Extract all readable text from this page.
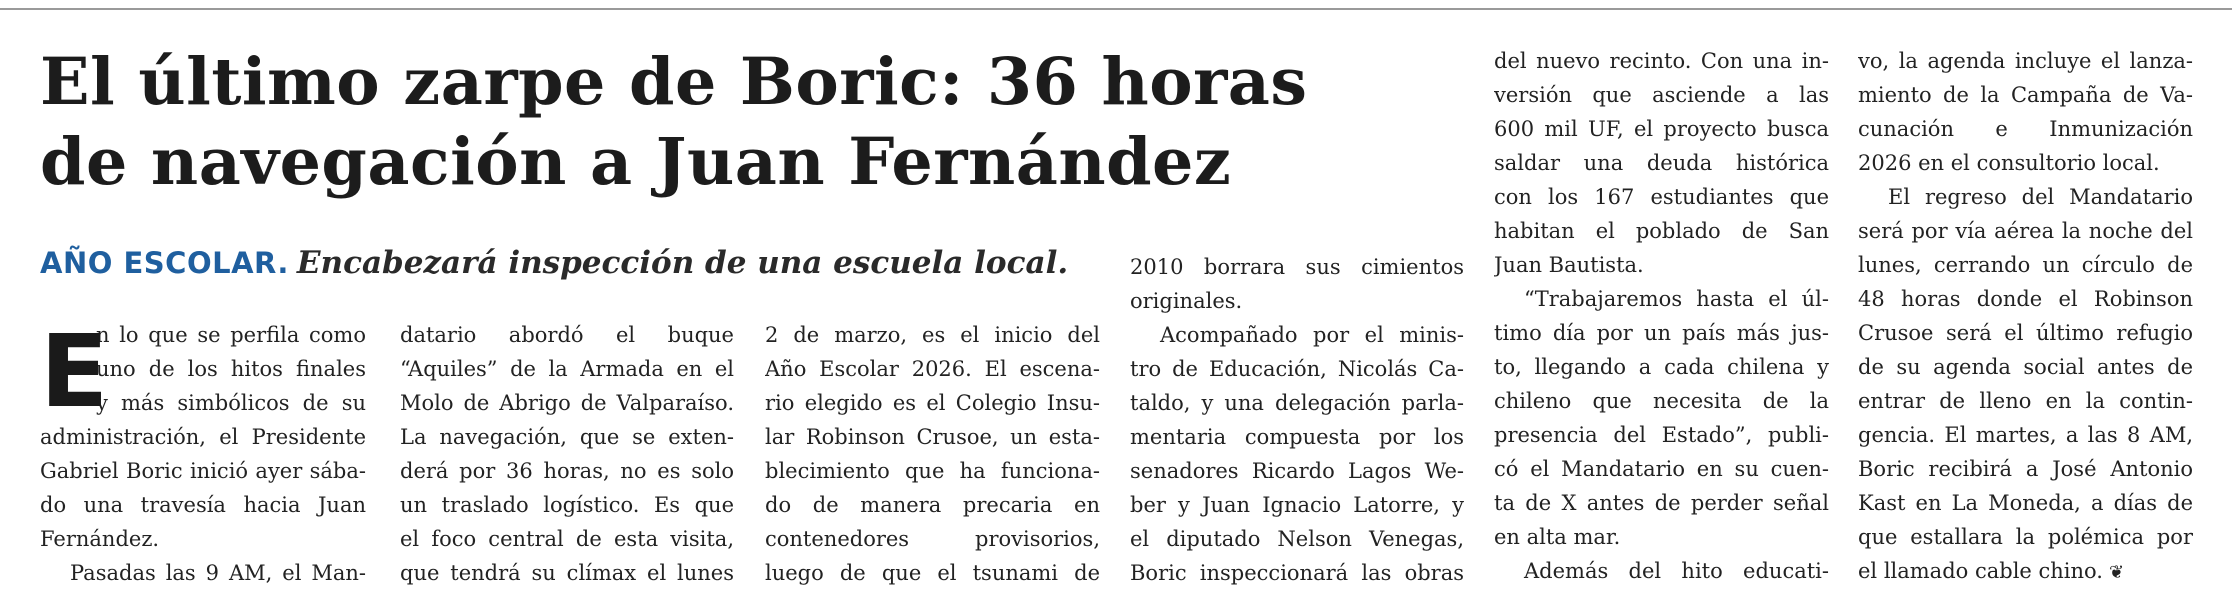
El último zarpe de Boric: 36 horas
de navegación a Juan Fernández
AÑO ESCOLAR. Encabezará inspección de una escuela local.
E
n lo que se perfila como
uno de los hitos finales
y más simbólicos de su
administración, el Presidente
Gabriel Boric inició ayer sába-
do una travesía hacia Juan
Fernández.
Pasadas las 9 AM, el Man-
datario abordó el buque
“Aquiles” de la Armada en el
Molo de Abrigo de Valparaíso.
La navegación, que se exten-
derá por 36 horas, no es solo
un traslado logístico. Es que
el foco central de esta visita,
que tendrá su clímax el lunes
2 de marzo, es el inicio del
Año Escolar 2026. El escena-
rio elegido es el Colegio Insu-
lar Robinson Crusoe, un esta-
blecimiento que ha funciona-
do de manera precaria en
contenedores provisorios,
luego de que el tsunami de
2010 borrara sus cimientos
originales.
Acompañado por el minis-
tro de Educación, Nicolás Ca-
taldo, y una delegación parla-
mentaria compuesta por los
senadores Ricardo Lagos We-
ber y Juan Ignacio Latorre, y
el diputado Nelson Venegas,
Boric inspeccionará las obras
del nuevo recinto. Con una in-
versión que asciende a las
600 mil UF, el proyecto busca
saldar una deuda histórica
con los 167 estudiantes que
habitan el poblado de San
Juan Bautista.
“Trabajaremos hasta el úl-
timo día por un país más jus-
to, llegando a cada chilena y
chileno que necesita de la
presencia del Estado”, publi-
có el Mandatario en su cuen-
ta de X antes de perder señal
en alta mar.
Además del hito educati-
vo, la agenda incluye el lanza-
miento de la Campaña de Va-
cunación e Inmunización
2026 en el consultorio local.
El regreso del Mandatario
será por vía aérea la noche del
lunes, cerrando un círculo de
48 horas donde el Robinson
Crusoe será el último refugio
de su agenda social antes de
entrar de lleno en la contin-
gencia. El martes, a las 8 AM,
Boric recibirá a José Antonio
Kast en La Moneda, a días de
que estallara la polémica por
el llamado cable chino. ❦
